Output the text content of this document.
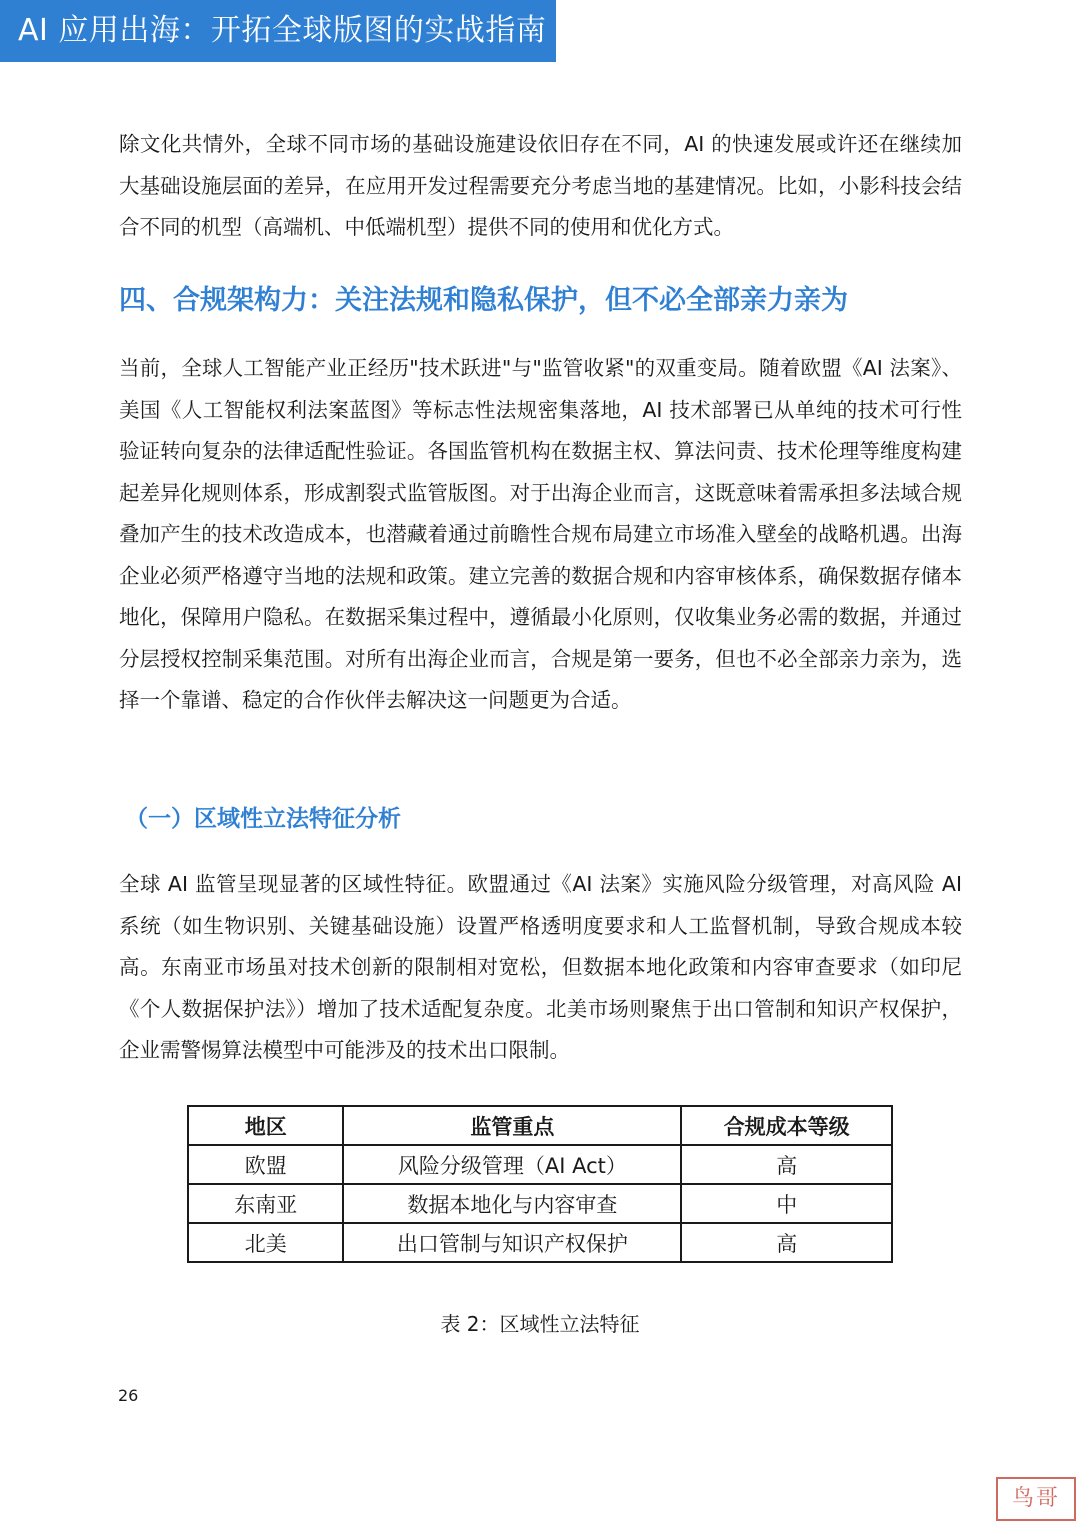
AI 应用出海：开拓全球版图的实战指南

除文化共情外，全球不同市场的基础设施建设依旧存在不同，AI 的快速发展或许还在继续加大基础设施层面的差异，在应用开发过程需要充分考虑当地的基建情况。比如，小影科技会结合不同的机型（高端机、中低端机型）提供不同的使用和优化方式。

四、合规架构力：关注法规和隐私保护，但不必全部亲力亲为

当前，全球人工智能产业正经历"技术跃进"与"监管收紧"的双重变局。随着欧盟《AI 法案》、美国《人工智能权利法案蓝图》等标志性法规密集落地，AI 技术部署已从单纯的技术可行性验证转向复杂的法律适配性验证。各国监管机构在数据主权、算法问责、技术伦理等维度构建起差异化规则体系，形成割裂式监管版图。对于出海企业而言，这既意味着需承担多法域合规叠加产生的技术改造成本，也潜藏着通过前瞻性合规布局建立市场准入壁垒的战略机遇。出海企业必须严格遵守当地的法规和政策。建立完善的数据合规和内容审核体系，确保数据存储本地化，保障用户隐私。在数据采集过程中，遵循最小化原则，仅收集业务必需的数据，并通过分层授权控制采集范围。对所有出海企业而言，合规是第一要务，但也不必全部亲力亲为，选择一个靠谱、稳定的合作伙伴去解决这一问题更为合适。

（一）区域性立法特征分析

全球 AI 监管呈现显著的区域性特征。欧盟通过《AI 法案》实施风险分级管理，对高风险 AI 系统（如生物识别、关键基础设施）设置严格透明度要求和人工监督机制，导致合规成本较高。东南亚市场虽对技术创新的限制相对宽松，但数据本地化政策和内容审查要求（如印尼《个人数据保护法》）增加了技术适配复杂度。北美市场则聚焦于出口管制和知识产权保护，企业需警惕算法模型中可能涉及的技术出口限制。

地区	监管重点	合规成本等级
欧盟	风险分级管理（AI Act）	高
东南亚	数据本地化与内容审查	中
北美	出口管制与知识产权保护	高

表 2：区域性立法特征

26
鸟哥
